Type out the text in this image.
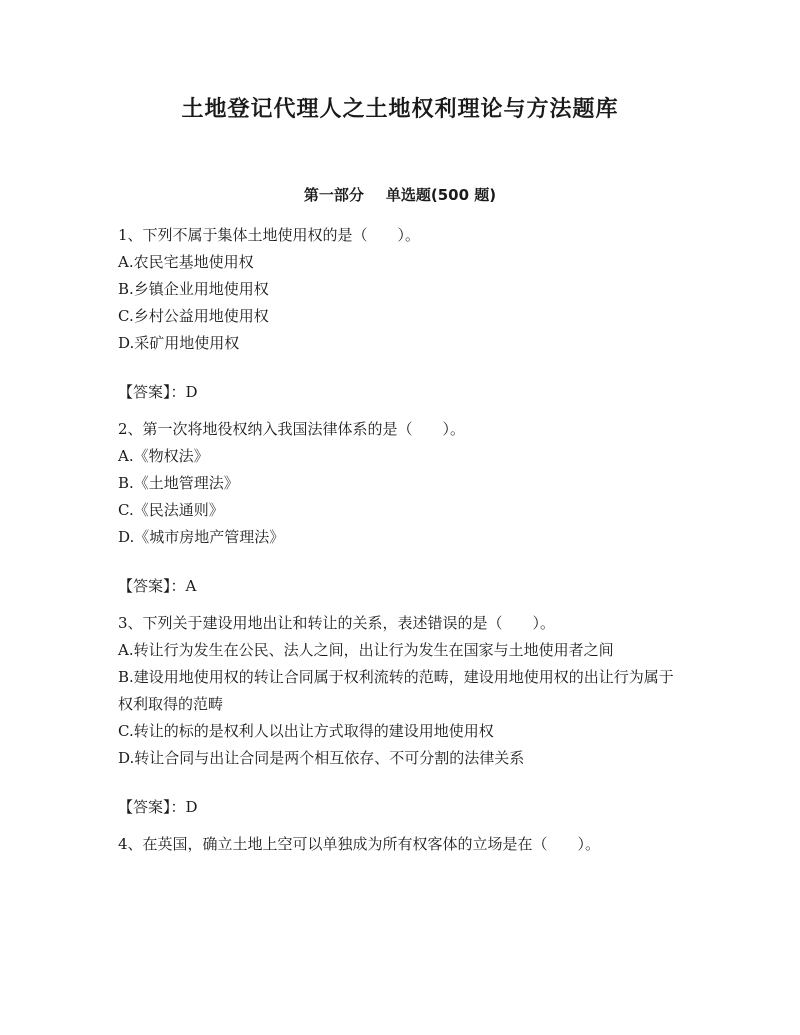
土地登记代理人之土地权利理论与方法题库
第一部分 单选题(500 题)

1、下列不属于集体土地使用权的是（　　）。

A.农民宅基地使用权

B.乡镇企业用地使用权

C.乡村公益用地使用权

D.采矿用地使用权

【答案】：D

2、第一次将地役权纳入我国法律体系的是（　　）。

A.《物权法》

B.《土地管理法》

C.《民法通则》

D.《城市房地产管理法》

【答案】：A

3、下列关于建设用地出让和转让的关系，表述错误的是（　　）。

A.转让行为发生在公民、法人之间，出让行为发生在国家与土地使用者之间

B.建设用地使用权的转让合同属于权利流转的范畴，建设用地使用权的出让行为属于权利取得的范畴

C.转让的标的是权利人以出让方式取得的建设用地使用权

D.转让合同与出让合同是两个相互依存、不可分割的法律关系

【答案】：D

4、在英国，确立土地上空可以单独成为所有权客体的立场是在（　　）。
